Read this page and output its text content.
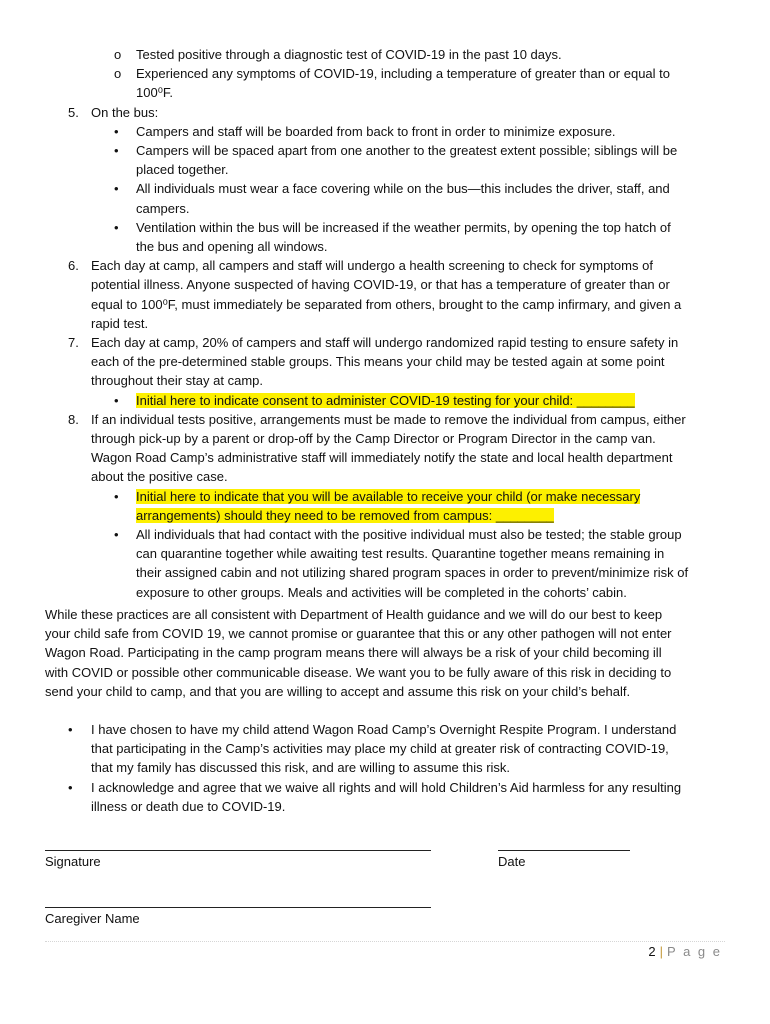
o Tested positive through a diagnostic test of COVID-19 in the past 10 days.
o Experienced any symptoms of COVID-19, including a temperature of greater than or equal to
100⁰F.
5. On the bus:
• Campers and staff will be boarded from back to front in order to minimize exposure.
• Campers will be spaced apart from one another to the greatest extent possible; siblings will be
placed together.
• All individuals must wear a face covering while on the bus—this includes the driver, staff, and
campers.
• Ventilation within the bus will be increased if the weather permits, by opening the top hatch of
the bus and opening all windows.
6. Each day at camp, all campers and staff will undergo a health screening to check for symptoms of
potential illness. Anyone suspected of having COVID-19, or that has a temperature of greater than or
equal to 100⁰F, must immediately be separated from others, brought to the camp infirmary, and given a
rapid test.
7. Each day at camp, 20% of campers and staff will undergo randomized rapid testing to ensure safety in
each of the pre-determined stable groups. This means your child may be tested again at some point
throughout their stay at camp.
• Initial here to indicate consent to administer COVID-19 testing for your child: ________
8. If an individual tests positive, arrangements must be made to remove the individual from campus, either
through pick-up by a parent or drop-off by the Camp Director or Program Director in the camp van.
Wagon Road Camp’s administrative staff will immediately notify the state and local health department
about the positive case.
• Initial here to indicate that you will be available to receive your child (or make necessary
arrangements) should they need to be removed from campus: ________
• All individuals that had contact with the positive individual must also be tested; the stable group
can quarantine together while awaiting test results. Quarantine together means remaining in
their assigned cabin and not utilizing shared program spaces in order to prevent/minimize risk of
exposure to other groups. Meals and activities will be completed in the cohorts’ cabin.
While these practices are all consistent with Department of Health guidance and we will do our best to keep
your child safe from COVID 19, we cannot promise or guarantee that this or any other pathogen will not enter
Wagon Road. Participating in the camp program means there will always be a risk of your child becoming ill
with COVID or possible other communicable disease. We want you to be fully aware of this risk in deciding to
send your child to camp, and that you are willing to accept and assume this risk on your child’s behalf.
• I have chosen to have my child attend Wagon Road Camp’s Overnight Respite Program. I understand
that participating in the Camp’s activities may place my child at greater risk of contracting COVID-19,
that my family has discussed this risk, and are willing to assume this risk.
• I acknowledge and agree that we waive all rights and will hold Children’s Aid harmless for any resulting
illness or death due to COVID-19.
Signature	Date
Caregiver Name
2 | P a g e
